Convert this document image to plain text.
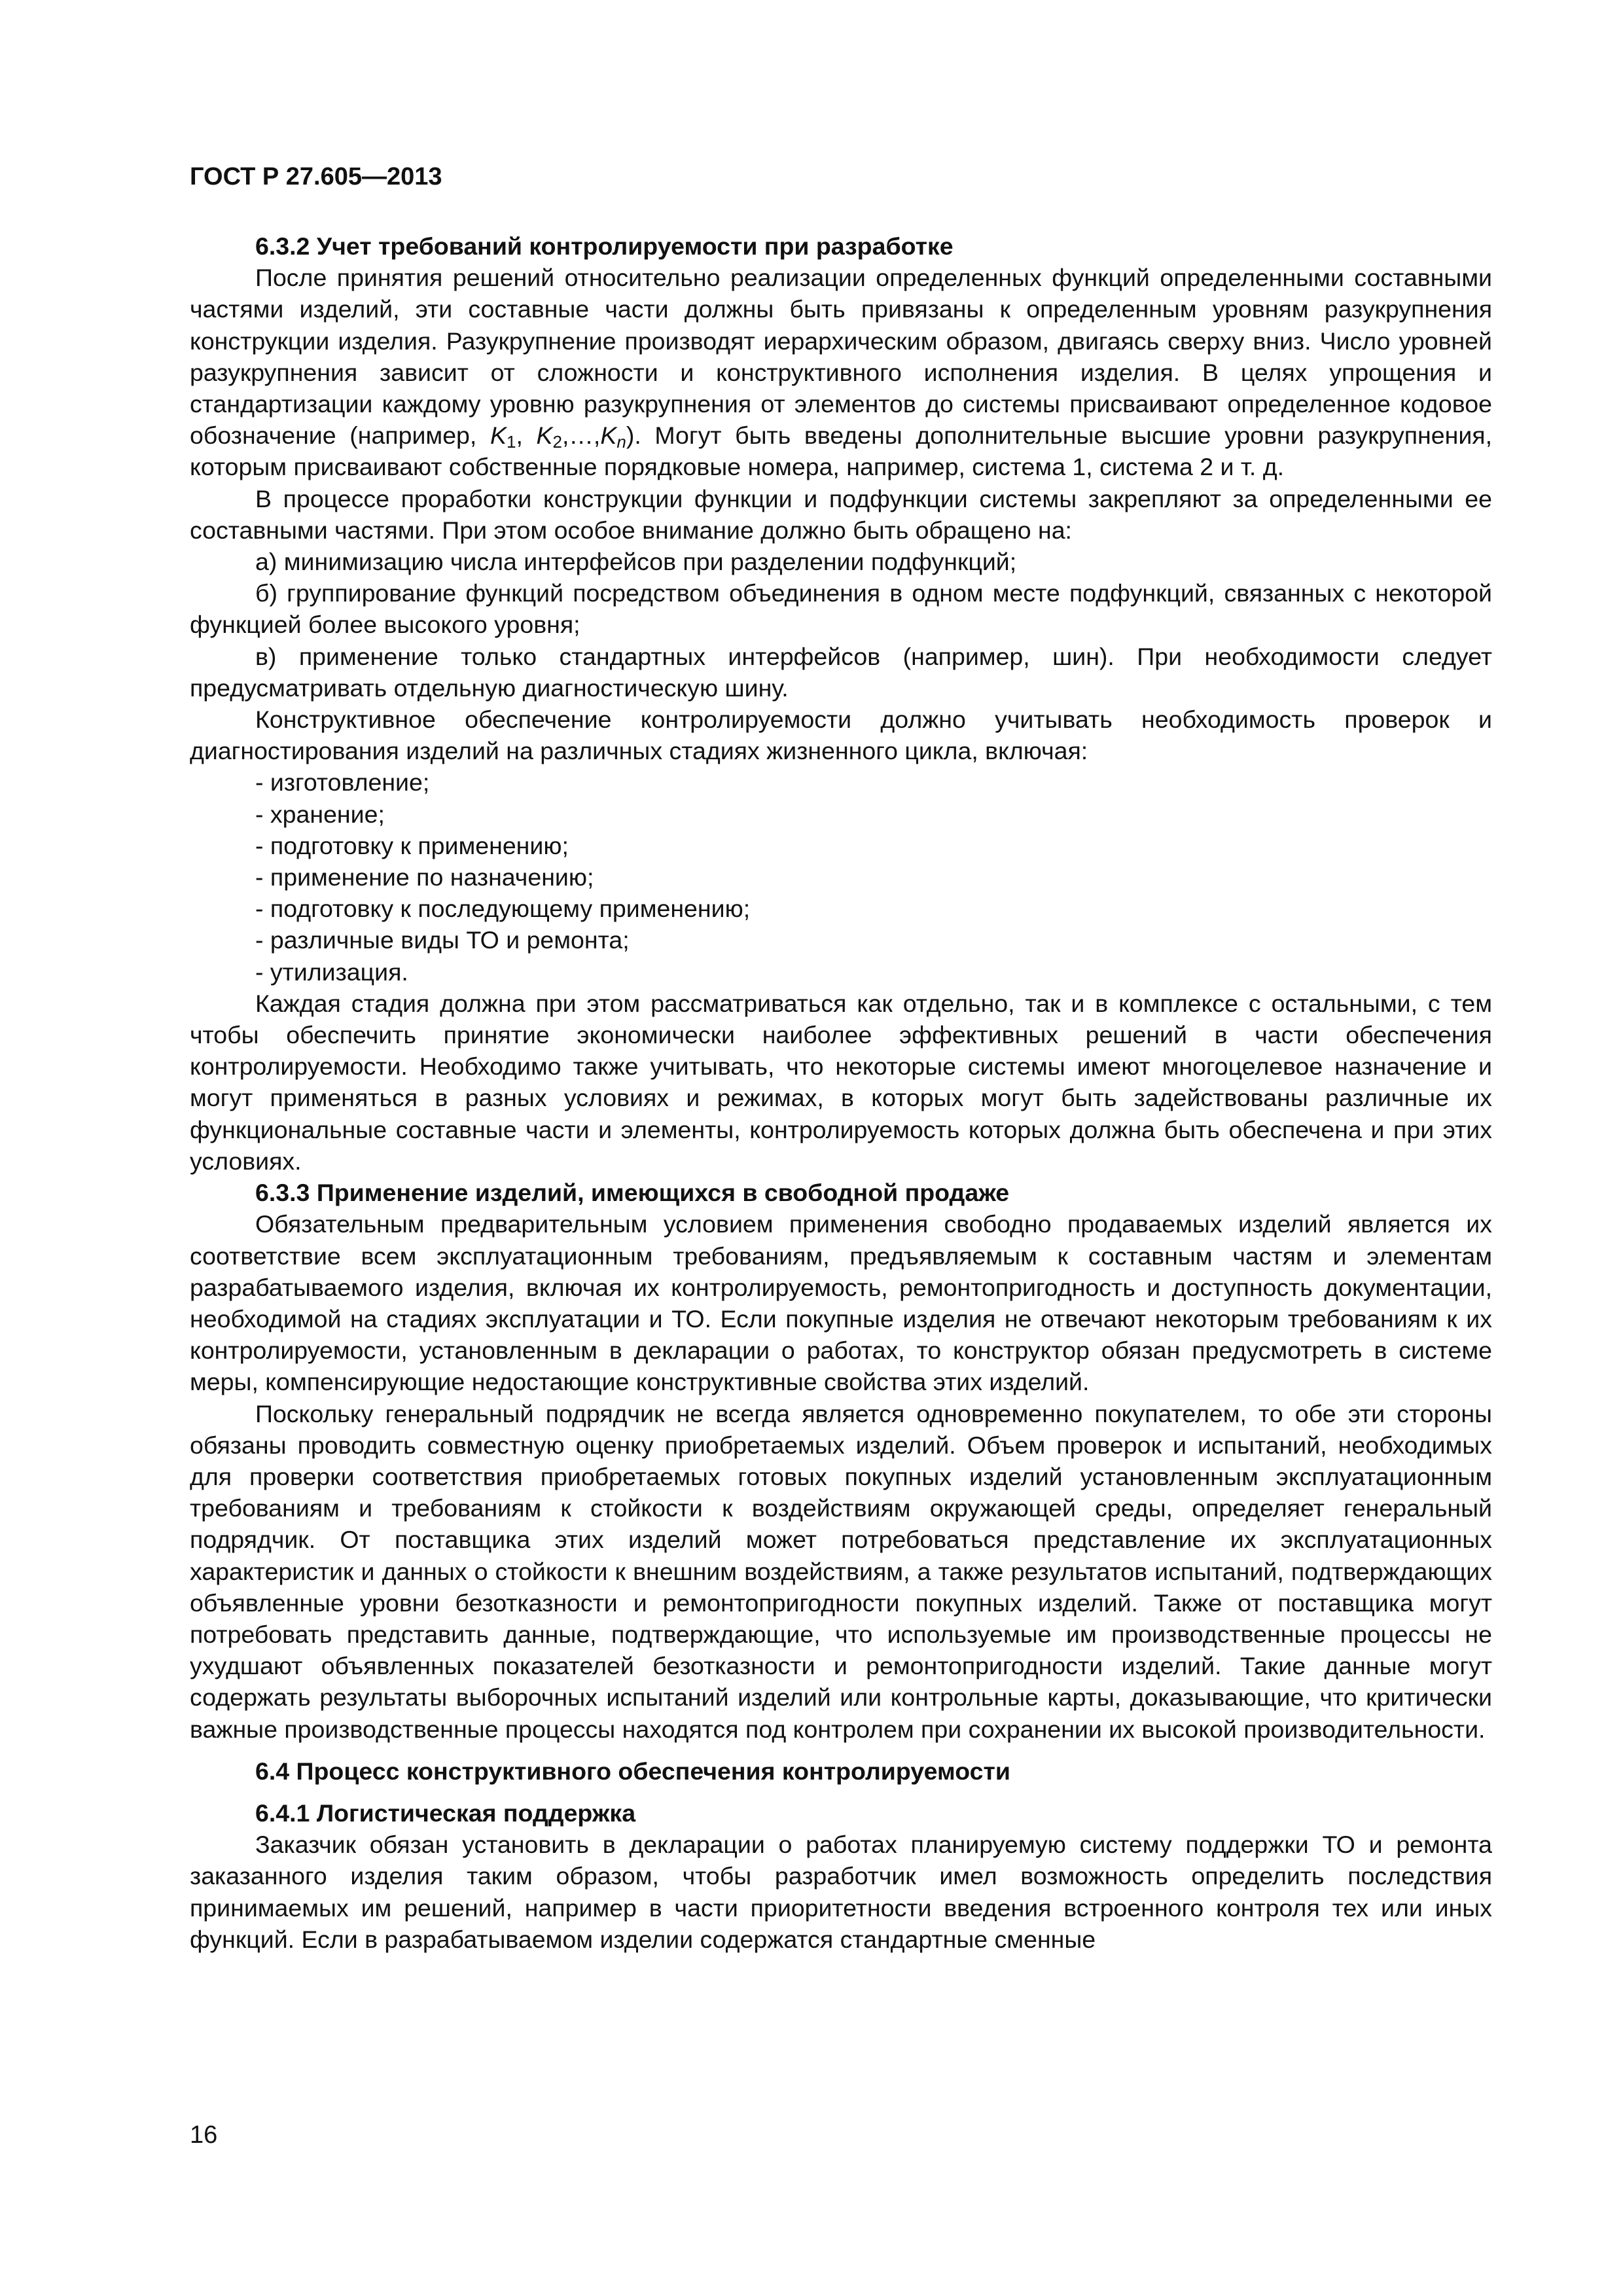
ГОСТ Р 27.605—2013
6.3.2 Учет требований контролируемости при разработке

После принятия решений относительно реализации определенных функций определенными составными частями изделий, эти составные части должны быть привязаны к определенным уровням разукрупнения конструкции изделия. Разукрупнение производят иерархическим образом, двигаясь сверху вниз. Число уровней разукрупнения зависит от сложности и конструктивного исполнения изделия. В целях упрощения и стандартизации каждому уровню разукрупнения от элементов до системы присваивают определенное кодовое обозначение (например, $K_1$, $K_2,\dots,K_n$). Могут быть введены дополнительные высшие уровни разукрупнения, которым присваивают собственные порядковые номера, например, система 1, система 2 и т. д.

В процессе проработки конструкции функции и подфункции системы закрепляют за определенными ее составными частями. При этом особое внимание должно быть обращено на:

а) минимизацию числа интерфейсов при разделении подфункций;

б) группирование функций посредством объединения в одном месте подфункций, связанных с некоторой функцией более высокого уровня;

в) применение только стандартных интерфейсов (например, шин). При необходимости следует предусматривать отдельную диагностическую шину.

Конструктивное обеспечение контролируемости должно учитывать необходимость проверок и диагностирования изделий на различных стадиях жизненного цикла, включая:

- изготовление;
- хранение;
- подготовку к применению;
- применение по назначению;
- подготовку к последующему применению;
- различные виды ТО и ремонта;
- утилизация.

Каждая стадия должна при этом рассматриваться как отдельно, так и в комплексе с остальными, с тем чтобы обеспечить принятие экономически наиболее эффективных решений в части обеспечения контролируемости. Необходимо также учитывать, что некоторые системы имеют многоцелевое назначение и могут применяться в разных условиях и режимах, в которых могут быть задействованы различные их функциональные составные части и элементы, контролируемость которых должна быть обеспечена и при этих условиях.

6.3.3 Применение изделий, имеющихся в свободной продаже

Обязательным предварительным условием применения свободно продаваемых изделий является их соответствие всем эксплуатационным требованиям, предъявляемым к составным частям и элементам разрабатываемого изделия, включая их контролируемость, ремонтопригодность и доступность документации, необходимой на стадиях эксплуатации и ТО. Если покупные изделия не отвечают некоторым требованиям к их контролируемости, установленным в декларации о работах, то конструктор обязан предусмотреть в системе меры, компенсирующие недостающие конструктивные свойства этих изделий.

Поскольку генеральный подрядчик не всегда является одновременно покупателем, то обе эти стороны обязаны проводить совместную оценку приобретаемых изделий. Объем проверок и испытаний, необходимых для проверки соответствия приобретаемых готовых покупных изделий установленным эксплуатационным требованиям и требованиям к стойкости к воздействиям окружающей среды, определяет генеральный подрядчик. От поставщика этих изделий может потребоваться представление их эксплуатационных характеристик и данных о стойкости к внешним воздействиям, а также результатов испытаний, подтверждающих объявленные уровни безотказности и ремонтопригодности покупных изделий. Также от поставщика могут потребовать представить данные, подтверждающие, что используемые им производственные процессы не ухудшают объявленных показателей безотказности и ремонтопригодности изделий. Такие данные могут содержать результаты выборочных испытаний изделий или контрольные карты, доказывающие, что критически важные производственные процессы находятся под контролем при сохранении их высокой производительности.

6.4 Процесс конструктивного обеспечения контролируемости
6.4.1 Логистическая поддержка

Заказчик обязан установить в декларации о работах планируемую систему поддержки ТО и ремонта заказанного изделия таким образом, чтобы разработчик имел возможность определить последствия принимаемых им решений, например в части приоритетности введения встроенного контроля тех или иных функций. Если в разрабатываемом изделии содержатся стандартные сменные

16
